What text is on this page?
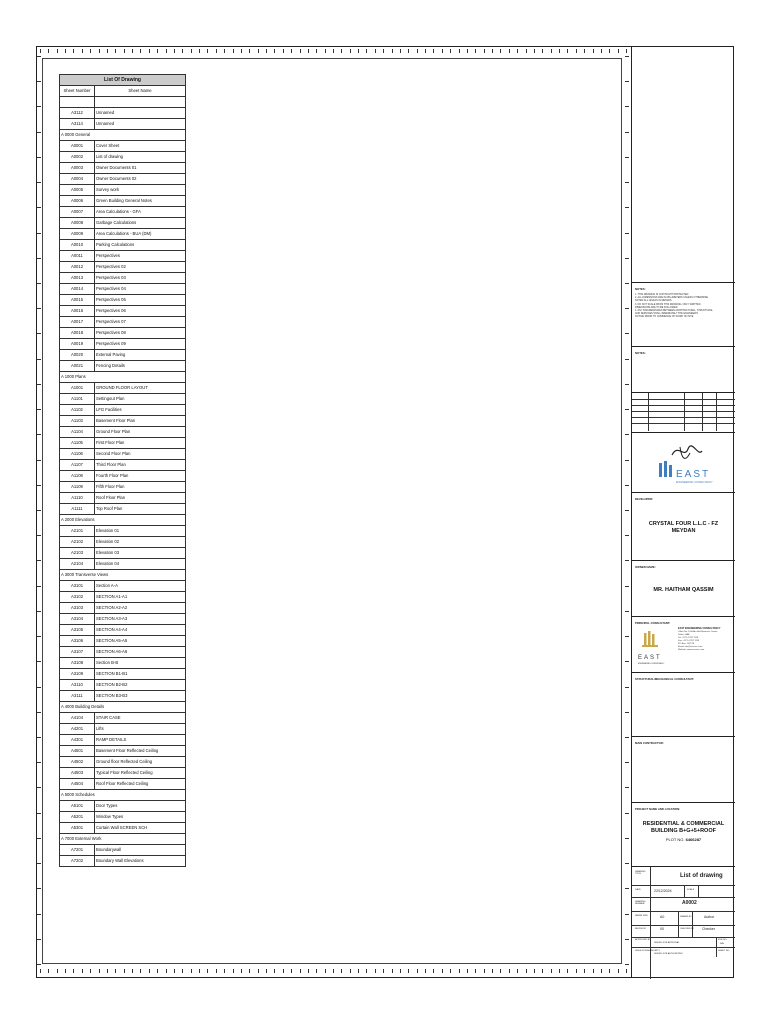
List Of Drawing	
Sheet Number	Sheet Name

A3112	Unnamed
A3114	Unnamed
A 0000 General	
A0001	Cover Sheet
A0002	List of drawing
A0003	Owner Documents 01
A0004	Owner Documents 02
A0005	Survey work
A0006	Green Building General Notes
A0007	Area Calculations - GFA
A0008	Garbage Calculations
A0009	Area Calculations - BUA (DM)
A0010	Parking Calculations
A0011	Perspectives
A0012	Perspectives 02
A0013	Perspectives 03
A0014	Perspectives 04
A0015	Perspectives 05
A0016	Perspectives 06
A0017	Perspectives 07
A0018	Perspectives 08
A0019	Perspectives 09
A0020	External Paving
A0021	Fencing Details
A 1000 Plans	
A1001	GROUND FLOOR LAYOUT
A1101	Settingout Plan
A1102	LFG Facilities
A1103	Basement Floor Plan
A1104	Ground Floor Plan
A1105	First Floor Plan
A1106	Second Floor Plan
A1107	Third Floor Plan
A1108	Fourth Floor Plan
A1109	Fifth Floor Plan
A1110	Roof Floor Plan
A1111	Top Roof Plan
A 2000 Elevations	
A2101	Elevation 01
A2102	Elevation 02
A2103	Elevation 03
A2104	Elevation 04
A 3000 Transverse Views	
A3101	Section A-A
A3102	SECTION A1-A1
A3103	SECTION A2-A2
A3104	SECTION A3-A3
A3105	SECTION A4-A4
A3106	SECTION A5-A5
A3107	SECTION A6-A6
A3108	Section B-B
A3109	SECTION B1-B1
A3110	SECTION B2-B2
A3111	SECTION B3-B3
A 4000 Building Details	
A4104	STAIR CASE
A4201	Lifts
A4301	RAMP DETAILS
A4501	Basement Floor Reflected Ceiling
A4502	Ground floor Reflected Ceiling
A4503	Typical Floor Reflected Ceiling
A4504	Roof Floor Reflected Ceiling
A 5000 Schedules	
A5101	Door Types
A5201	Window Types
A5301	Curtain Wall SCREEN SCH
A 7000 External Work	
A7201	Boundarywall
A7202	Boundary Wall Elevations
NOTES:
1. THIS DRAWING IS COPYRIGHT PROTECTED
2. ALL DIMENSIONS ARE IN MILLIMETERS UNLESS OTHERWISE
NOTED ALL LEVELS IN METERS
3. DO NOT SCALE FROM THIS DRAWING, ONLY WRITTEN
DIMENSIONS ARE TO BE FOLLOWED
4. ANY DISCREPANCIES BETWEEN ARCHITECTURAL, STRUCTURAL
AND SERVICES SHALL IMMEDIATELY THE ENGINEER'S
NOTICE PRIOR TO COMMENCE OF WORK ON SITE
NOTES:
EAST
ENGINEERING CONSULTANCY
DEVELOPER:
CRYSTAL FOUR L.L.C - FZ
MEYDAN
OWNER NAME:
MR. HAITHAM QASSIM
PRINCIPAL CONSULTANT:
EAST
ENGINEERING CONSULTANCY
EAST ENGINEERING CONSULTANCY
Office No. 104 Abu Hail Business Centre
Dubai, UAE
Tel: +971 4 297 1118
Fax: +971 4 297 1119
PO Box: 122176
Email: info@east-ec.com
Website: www.east-ec.com
STRUCTURAL/MECHANICAL CONSULTANT:
MAIN CONTRACTOR:
PROJECT NAME AND LOCATION:
RESIDENTIAL & COMMERCIAL
BUILDING B+G+5+ROOF
PLOT NO. 6466287
DRAWING TITLE	List of drawing
DATE	22/12/2024	SCALE
DRAWING NUMBER	A0002
PAPER SIZE	A0	DRAWN BY	Author
REVISION	00	CHECKED BY Checker
APPROVED BY
ISSUED FOR APPROVAL
FILE NO.
N/A
ISSUE FOR AUTHORITY
ISSUED FOR AUTHORITIES
SHEET NO.
